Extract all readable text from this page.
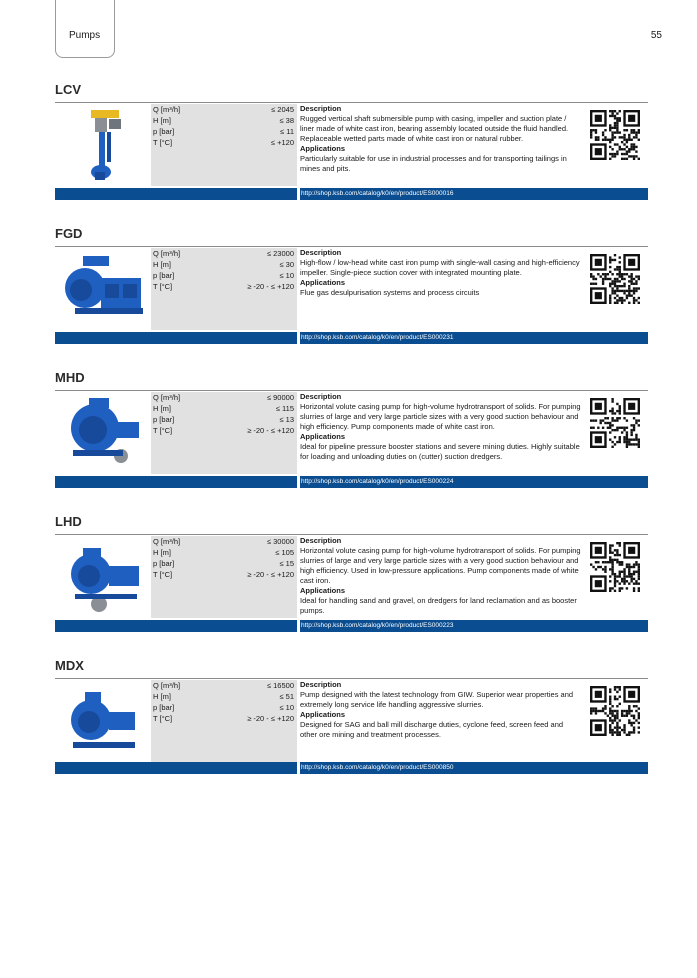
Pumps	55
LCV
Q [m³/h]	≤ 2045
H [m]	≤ 38
p [bar]	≤ 11
T [°C]	≤ +120
Description
Rugged vertical shaft submersible pump with casing, impeller and suction plate / liner made of white cast iron, bearing assembly located outside the fluid handled. Replaceable wetted parts made of white cast iron or natural rubber.
Applications
Particularly suitable for use in industrial processes and for transporting tailings in mines and pits.
http://shop.ksb.com/catalog/k0/en/product/ES000016
FGD
Q [m³/h]	≤ 23000
H [m]	≤ 30
p [bar]	≤ 10
T [°C]	≥ -20 - ≤ +120
Description
High-flow / low-head white cast iron pump with single-wall casing and high-efficiency impeller. Single-piece suction cover with integrated mounting plate.
Applications
Flue gas desulpurisation systems and process circuits
http://shop.ksb.com/catalog/k0/en/product/ES000231
MHD
Q [m³/h]	≤ 90000
H [m]	≤ 115
p [bar]	≤ 13
T [°C]	≥ -20 - ≤ +120
Description
Horizontal volute casing pump for high-volume hydrotransport of solids. For pumping slurries of large and very large particle sizes with a very good suction behaviour and high efficiency. Pump components made of white cast iron.
Applications
Ideal for pipeline pressure booster stations and severe mining duties. Highly suitable for loading and unloading duties on (cutter) suction dredgers.
http://shop.ksb.com/catalog/k0/en/product/ES000224
LHD
Q [m³/h]	≤ 30000
H [m]	≤ 105
p [bar]	≤ 15
T [°C]	≥ -20 - ≤ +120
Description
Horizontal volute casing pump for high-volume hydrotransport of solids. For pumping slurries of large and very large particle sizes with a very good suction behaviour and high efficiency. Used in low-pressure applications. Pump components made of white cast iron.
Applications
Ideal for handling sand and gravel, on dredgers for land reclamation and as booster pumps.
http://shop.ksb.com/catalog/k0/en/product/ES000223
MDX
Q [m³/h]	≤ 16500
H [m]	≤ 51
p [bar]	≤ 10
T [°C]	≥ -20 - ≤ +120
Description
Pump designed with the latest technology from GIW. Superior wear properties and extremely long service life handling aggressive slurries.
Applications
Designed for SAG and ball mill discharge duties, cyclone feed, screen feed and other ore mining and treatment processes.
http://shop.ksb.com/catalog/k0/en/product/ES000850
